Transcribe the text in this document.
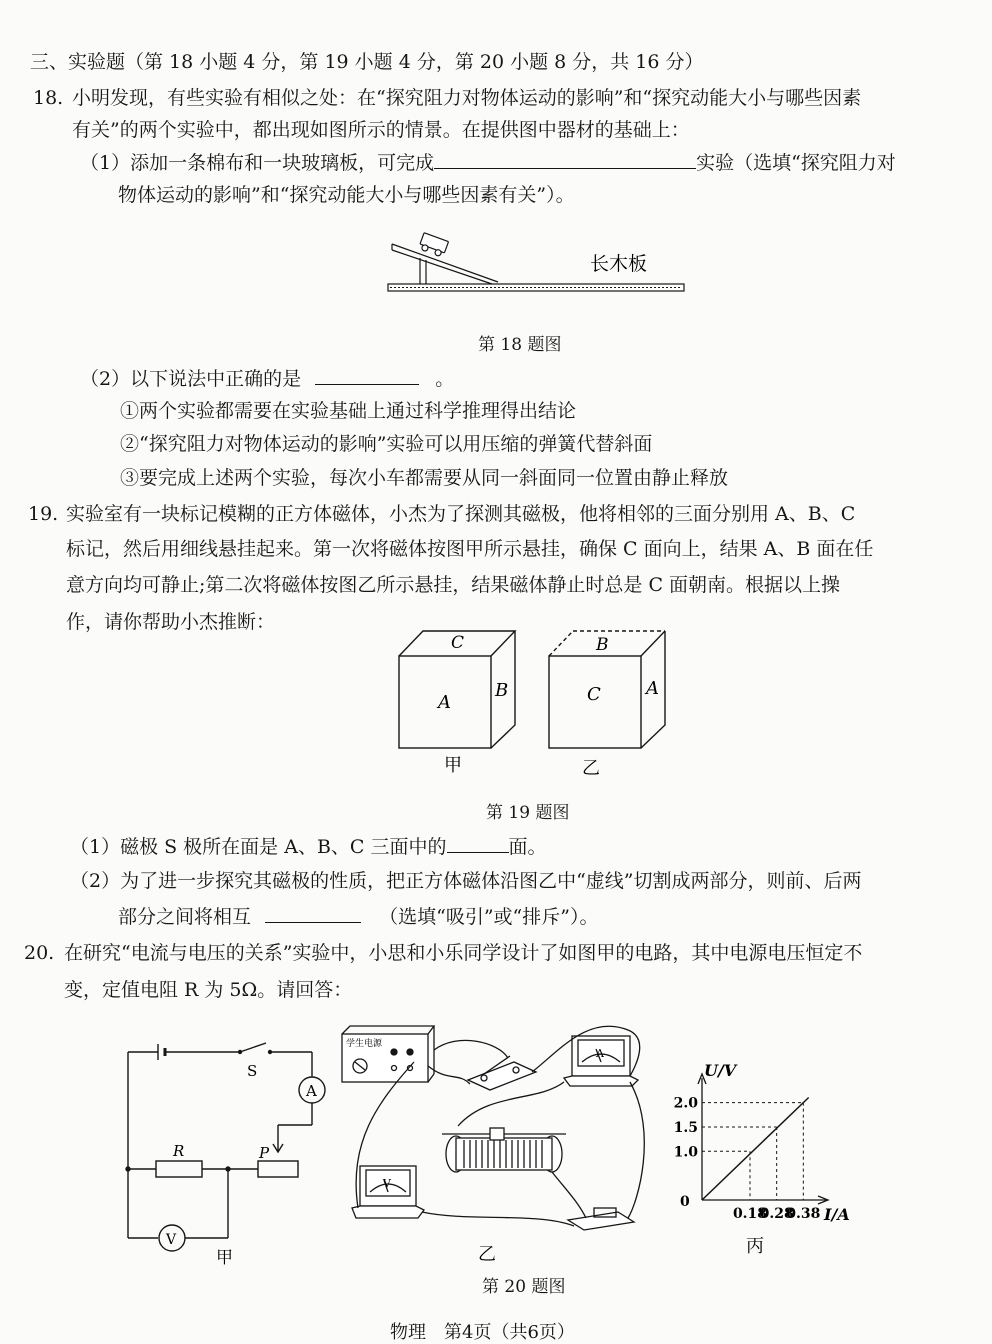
三、实验题（第 18 小题 4 分，第 19 小题 4 分，第 20 小题 8 分，共 16 分）
18. 小明发现，有些实验有相似之处：在“探究阻力对物体运动的影响”和“探究动能大小与哪些因素
有关”的两个实验中，都出现如图所示的情景。在提供图中器材的基础上：
（1）添加一条棉布和一块玻璃板，可完成	实验（选填“探究阻力对
物体运动的影响”和“探究动能大小与哪些因素有关”）。
长木板
第 18 题图
（2）以下说法中正确的是	。
①两个实验都需要在实验基础上通过科学推理得出结论
②“探究阻力对物体运动的影响”实验可以用压缩的弹簧代替斜面
③要完成上述两个实验，每次小车都需要从同一斜面同一位置由静止释放
19. 实验室有一块标记模糊的正方体磁体，小杰为了探测其磁极，他将相邻的三面分别用 A、B、C
标记，然后用细线悬挂起来。第一次将磁体按图甲所示悬挂，确保 C 面向上，结果 A、B 面在任
意方向均可静止;第二次将磁体按图乙所示悬挂，结果磁体静止时总是 C 面朝南。根据以上操
作，请你帮助小杰推断：
C
A
B
甲
B
C	A
乙
第 19 题图
（1）磁极 S 极所在面是 A、B、C 三面中的	面。
（2）为了进一步探究其磁极的性质，把正方体磁体沿图乙中“虚线”切割成两部分，则前、后两
部分之间将相互	（选填“吸引”或“排斥”）。
20. 在研究“电流与电压的关系”实验中，小思和小乐同学设计了如图甲的电路，其中电源电压恒定不
变，定值电阻 R 为 5Ω。请回答：
S
A
R	P
V
甲
学生电源
A
V
乙
U/V
I/A
0
1.0
1.5
2.0
0.18
0.28
0.38
丙
第 20 题图
物理　第4页（共6页）
